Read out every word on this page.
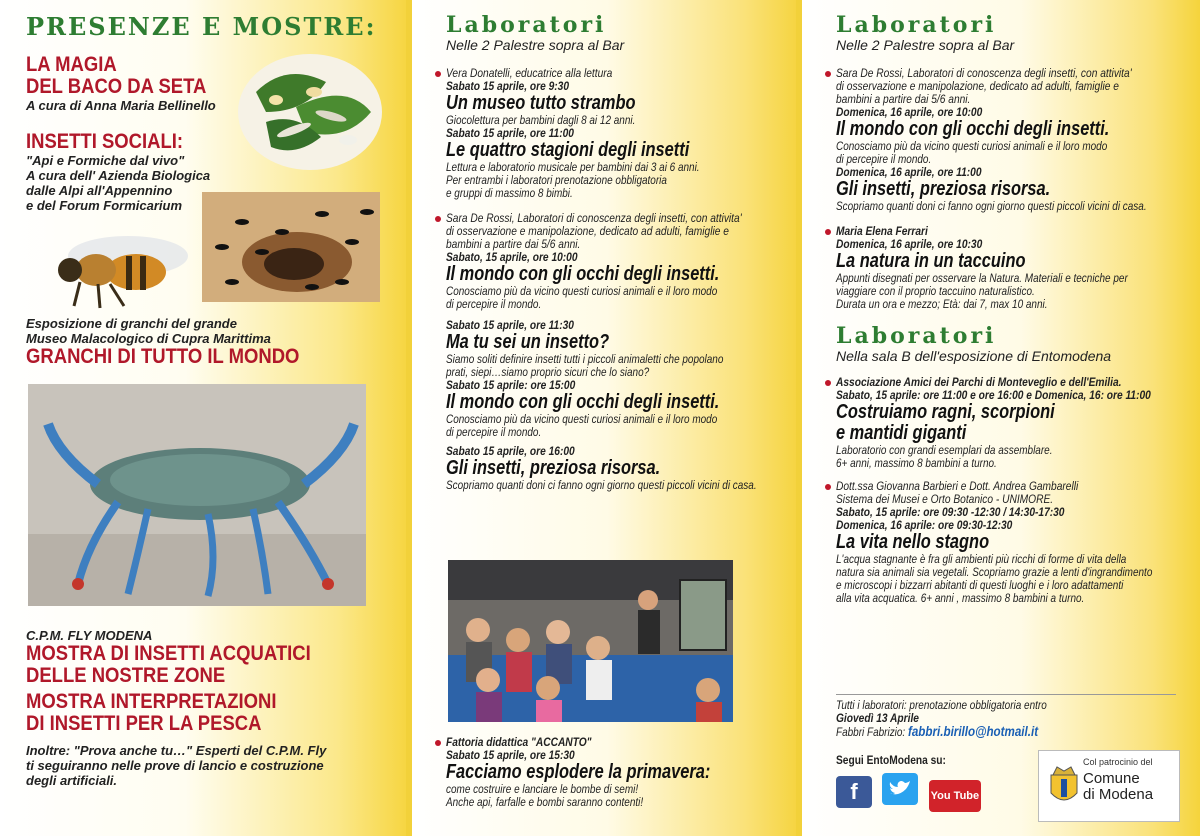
PRESENZE E MOSTRE:
LA MAGIA
DEL BACO DA SETA
A cura di Anna Maria Bellinello
INSETTI SOCIALI:
"Api e Formiche dal vivo"
A cura dell' Azienda Biologica
dalle Alpi all'Appennino
e del Forum Formicarium
Esposizione di granchi del grande
Museo Malacologico di Cupra Marittima
GRANCHI DI TUTTO IL MONDO
C.P.M. FLY MODENA
MOSTRA DI INSETTI ACQUATICI
DELLE NOSTRE ZONE
MOSTRA INTERPRETAZIONI
DI INSETTI PER LA PESCA
Inoltre: "Prova anche tu…" Esperti del C.P.M. Fly
ti seguiranno nelle prove di lancio e costruzione
degli artificiali.
Laboratori
Nelle 2 Palestre sopra al Bar
Vera Donatelli, educatrice alla lettura
Sabato 15 aprile, ore 9:30
Un museo tutto strambo
Giocolettura per bambini dagli 8 ai 12 anni.
Sabato 15 aprile, ore 11:00
Le quattro stagioni degli insetti
Lettura e laboratorio musicale per bambini dai 3 ai 6 anni.
Per entrambi i laboratori prenotazione obbligatoria
e gruppi di massimo 8 bimbi.
Sara De Rossi, Laboratori di conoscenza degli insetti, con attivita'
di osservazione e manipolazione, dedicato ad adulti, famiglie e
bambini a partire dai 5/6 anni.
Sabato, 15 aprile, ore 10:00
Il mondo con gli occhi degli insetti.
Conosciamo più da vicino questi curiosi animali e il loro modo
di percepire il mondo.
Sabato 15 aprile, ore 11:30
Ma tu sei un insetto?
Siamo soliti definire insetti tutti i piccoli animaletti che popolano
prati, siepi…siamo proprio sicuri che lo siano?
Sabato 15 aprile: ore 15:00
Il mondo con gli occhi degli insetti.
Conosciamo più da vicino questi curiosi animali e il loro modo
di percepire il mondo.
Sabato 15 aprile, ore 16:00
Gli insetti, preziosa risorsa.
Scopriamo quanti doni ci fanno ogni giorno questi piccoli vicini di casa.
Fattoria didattica "ACCANTO"
Sabato 15 aprile, ore 15:30
Facciamo esplodere la primavera:
come costruire e lanciare le bombe di semi!
Anche api, farfalle e bombi saranno contenti!
Laboratori
Nelle 2 Palestre sopra al Bar
Sara De Rossi, Laboratori di conoscenza degli insetti, con attivita'
di osservazione e manipolazione, dedicato ad adulti, famiglie e
bambini a partire dai 5/6 anni.
Domenica, 16 aprile, ore 10:00
Il mondo con gli occhi degli insetti.
Conosciamo più da vicino questi curiosi animali e il loro modo
di percepire il mondo.
Domenica, 16 aprile, ore 11:00
Gli insetti, preziosa risorsa.
Scopriamo quanti doni ci fanno ogni giorno questi piccoli vicini di casa.
Maria Elena Ferrari
Domenica, 16 aprile, ore 10:30
La natura in un taccuino
Appunti disegnati per osservare la Natura. Materiali e tecniche per
viaggiare con il proprio taccuino naturalistico.
Durata un ora e mezzo; Età: dai 7, max 10 anni.
Laboratori
Nella sala B dell'esposizione di Entomodena
Associazione Amici dei Parchi di Monteveglio e dell'Emilia.
Sabato, 15 aprile: ore 11:00 e ore 16:00 e Domenica, 16: ore 11:00
Costruiamo ragni, scorpioni
e mantidi giganti
Laboratorio con grandi esemplari da assemblare.
6+ anni, massimo 8 bambini a turno.
Dott.ssa Giovanna Barbieri e Dott. Andrea Gambarelli
Sistema dei Musei e Orto Botanico - UNIMORE.
Sabato, 15 aprile: ore 09:30 -12:30 / 14:30-17:30
Domenica, 16 aprile: ore 09:30-12:30
La vita nello stagno
L'acqua stagnante è fra gli ambienti più ricchi di forme di vita della
natura sia animali sia vegetali. Scopriamo grazie a lenti d'ingrandimento
e microscopi i bizzarri abitanti di questi luoghi e i loro adattamenti
alla vita acquatica. 6+ anni , massimo 8 bambini a turno.
Tutti i laboratori: prenotazione obbligatoria entro
Giovedì 13 Aprile
Fabbri Fabrizio: fabbri.birillo@hotmail.it
Segui EntoModena su:
f	You Tube
Col patrocinio del
Comune
di Modena
